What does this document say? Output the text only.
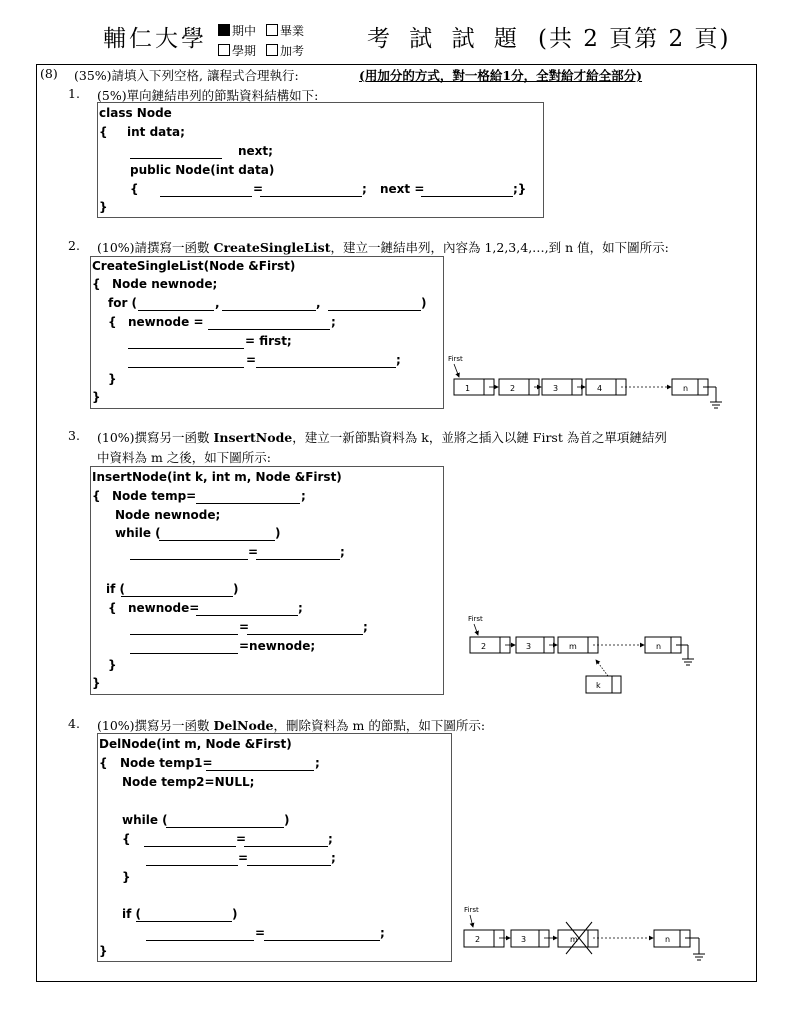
輔仁大學	期中	畢業
學期	加考	考 試 試 題 (共 2 頁第 2 頁)
(8) (35%)請填入下列空格, 讓程式合理執行:	(用加分的方式，對一格給1分，全對給才給全部分)
1. (5%)單向鏈結串列的節點資料結構如下:
class Node
{ int data;
next;
public Node(int data)
{	=	; next =	;}
}
2. (10%)請撰寫一函數 CreateSingleList，建立一鏈結串列，內容為 1,2,3,4,…,到 n 值，如下圖所示:
CreateSingleList(Node &First)
{ Node newnode;
for (	,	,	)
{ newnode =	;
= first;
=	;
}
}
First
1	2	3	4	n
3. (10%)撰寫另一函數 InsertNode，建立一新節點資料為 k，並將之插入以鏈 First 為首之單項鏈結列
中資料為 m 之後，如下圖所示:
InsertNode(int k, int m, Node &First)
{ Node temp=	;
Node newnode;
while (	)
=	;
if (	)
{ newnode=	;
=	;
=newnode;
}
}
First
2	3	m	n
k
4. (10%)撰寫另一函數 DelNode，刪除資料為 m 的節點，如下圖所示:
DelNode(int m, Node &First)
{ Node temp1=	;
Node temp2=NULL;
while (	)
{	=	;
=	;
}
if (	)
=	;
}
First
2	3	m	n
